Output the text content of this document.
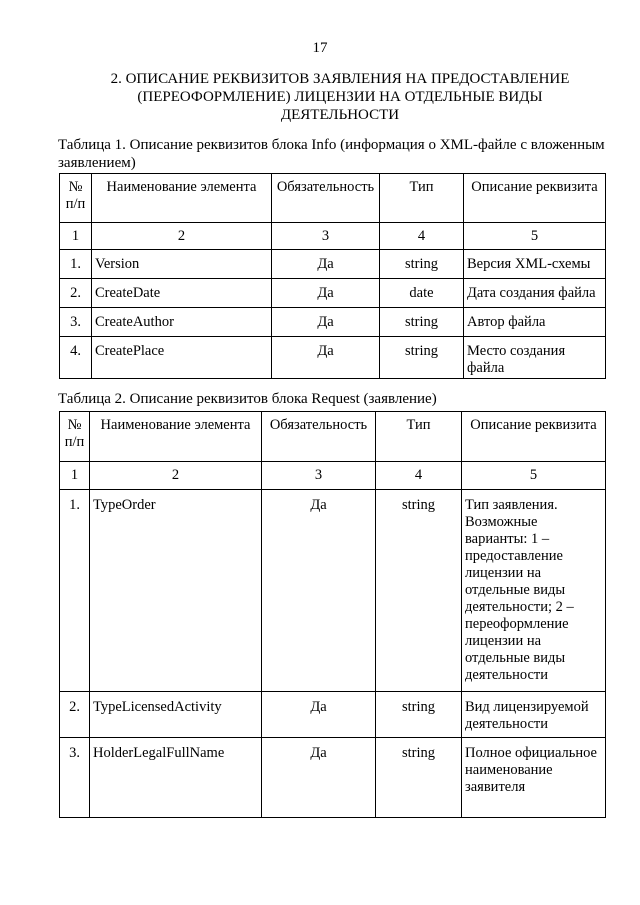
17
2. ОПИСАНИЕ РЕКВИЗИТОВ ЗАЯВЛЕНИЯ НА ПРЕДОСТАВЛЕНИЕ (ПЕРЕОФОРМЛЕНИЕ) ЛИЦЕНЗИИ НА ОТДЕЛЬНЫЕ ВИДЫ ДЕЯТЕЛЬНОСТИ
Таблица 1. Описание реквизитов блока Info (информация о XML-файле с вложенным заявлением)
№ п/п	Наименование элемента	Обязательность	Тип	Описание реквизита
1	2	3	4	5
1.	Version	Да	string	Версия XML-схемы
2.	CreateDate	Да	date	Дата создания файла
3.	CreateAuthor	Да	string	Автор файла
4.	CreatePlace	Да	string	Место создания файла
Таблица 2. Описание реквизитов блока Request (заявление)
№ п/п	Наименование элемента	Обязательность	Тип	Описание реквизита
1	2	3	4	5
1.	TypeOrder	Да	string	Тип заявления. Возможные варианты: 1 – предоставление лицензии на отдельные виды деятельности; 2 – переоформление лицензии на отдельные виды деятельности
2.	TypeLicensedActivity	Да	string	Вид лицензируемой деятельности
3.	HolderLegalFullName	Да	string	Полное официальное наименование заявителя
